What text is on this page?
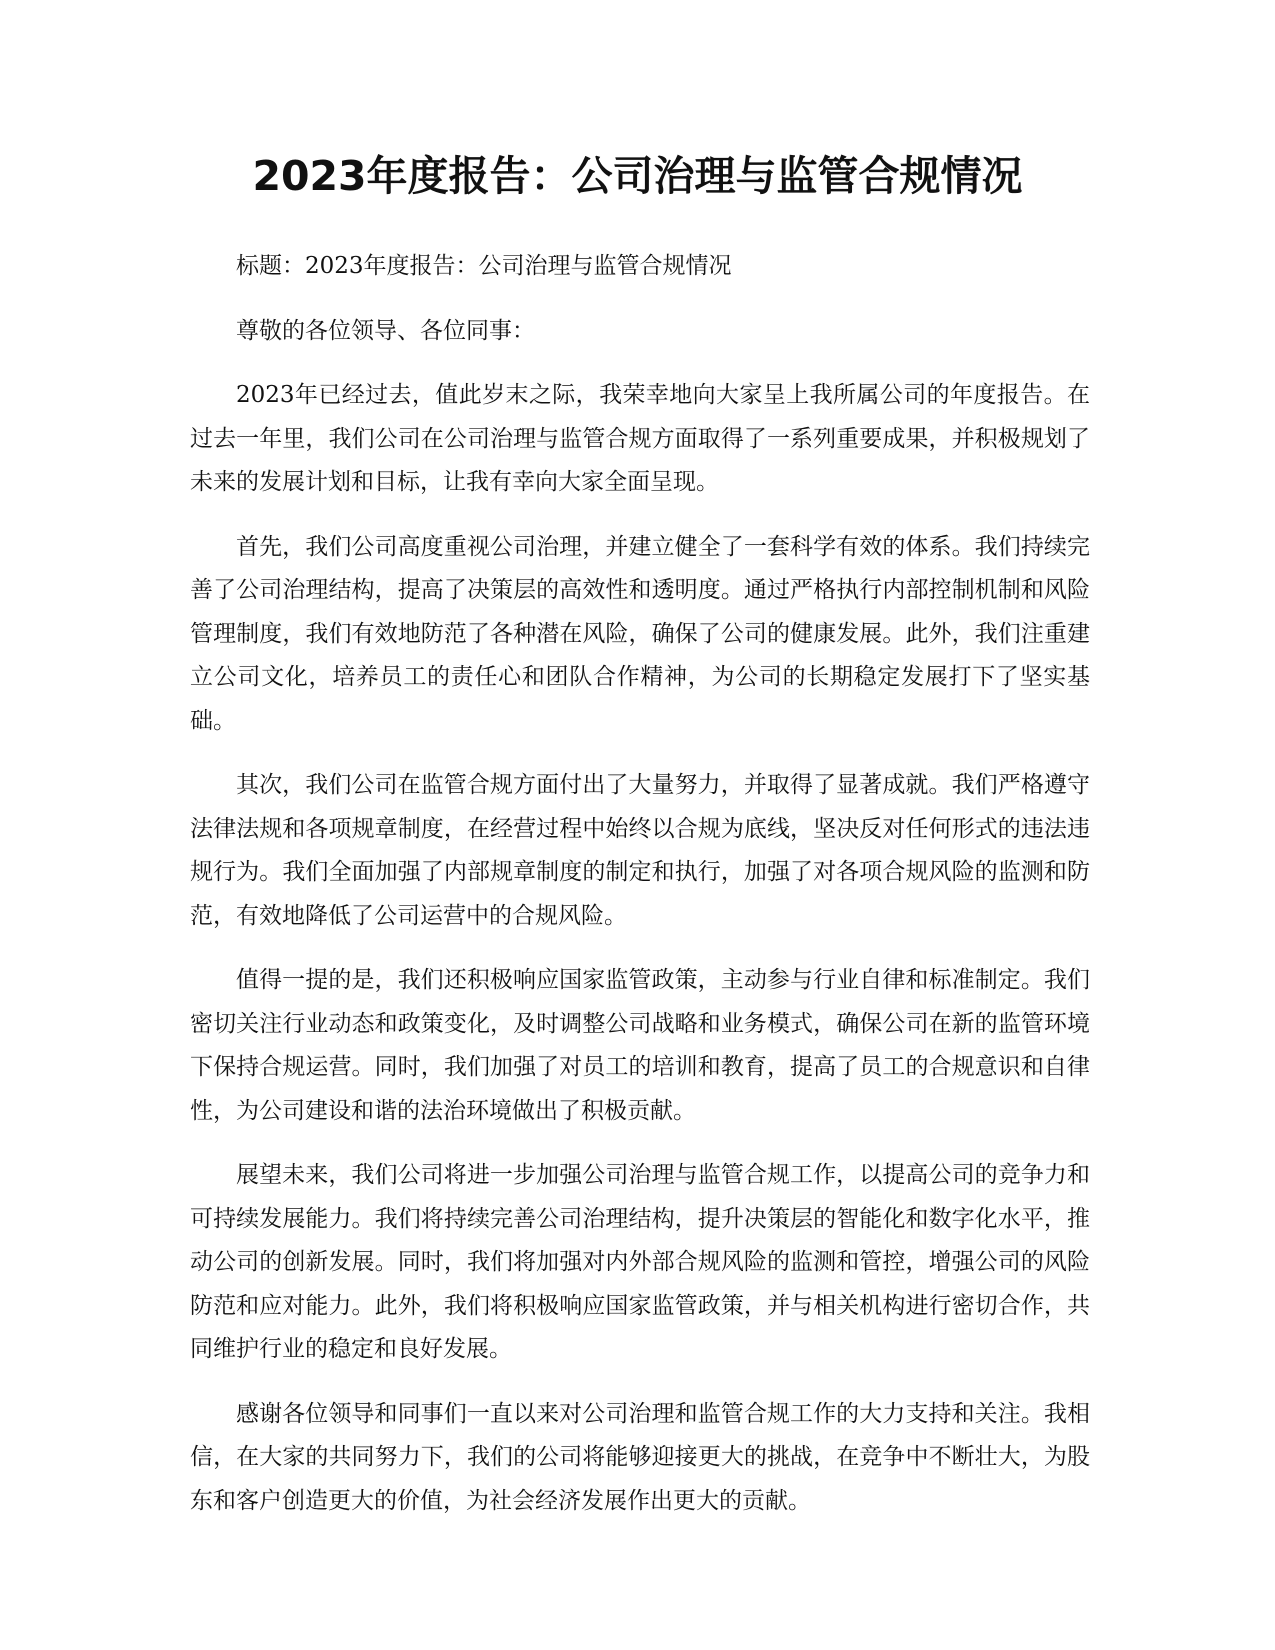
2023年度报告：公司治理与监管合规情况

标题：2023年度报告：公司治理与监管合规情况

尊敬的各位领导、各位同事：

2023年已经过去，值此岁末之际，我荣幸地向大家呈上我所属公司的年度报告。在过去一年里，我们公司在公司治理与监管合规方面取得了一系列重要成果，并积极规划了未来的发展计划和目标，让我有幸向大家全面呈现。

首先，我们公司高度重视公司治理，并建立健全了一套科学有效的体系。我们持续完善了公司治理结构，提高了决策层的高效性和透明度。通过严格执行内部控制机制和风险管理制度，我们有效地防范了各种潜在风险，确保了公司的健康发展。此外，我们注重建立公司文化，培养员工的责任心和团队合作精神，为公司的长期稳定发展打下了坚实基础。

其次，我们公司在监管合规方面付出了大量努力，并取得了显著成就。我们严格遵守法律法规和各项规章制度，在经营过程中始终以合规为底线，坚决反对任何形式的违法违规行为。我们全面加强了内部规章制度的制定和执行，加强了对各项合规风险的监测和防范，有效地降低了公司运营中的合规风险。

值得一提的是，我们还积极响应国家监管政策，主动参与行业自律和标准制定。我们密切关注行业动态和政策变化，及时调整公司战略和业务模式，确保公司在新的监管环境下保持合规运营。同时，我们加强了对员工的培训和教育，提高了员工的合规意识和自律性，为公司建设和谐的法治环境做出了积极贡献。

展望未来，我们公司将进一步加强公司治理与监管合规工作，以提高公司的竞争力和可持续发展能力。我们将持续完善公司治理结构，提升决策层的智能化和数字化水平，推动公司的创新发展。同时，我们将加强对内外部合规风险的监测和管控，增强公司的风险防范和应对能力。此外，我们将积极响应国家监管政策，并与相关机构进行密切合作，共同维护行业的稳定和良好发展。

感谢各位领导和同事们一直以来对公司治理和监管合规工作的大力支持和关注。我相信，在大家的共同努力下，我们的公司将能够迎接更大的挑战，在竞争中不断壮大，为股东和客户创造更大的价值，为社会经济发展作出更大的贡献。
